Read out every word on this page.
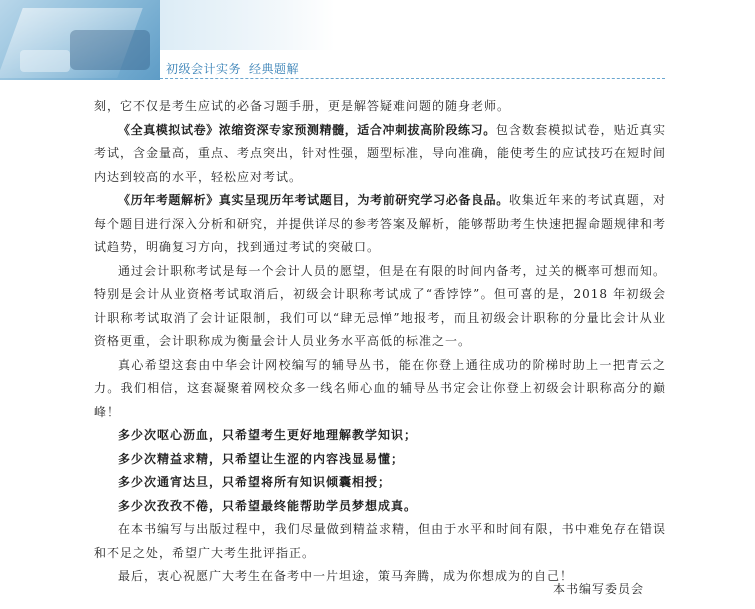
初级会计实务 经典题解

刻，它不仅是考生应试的必备习题手册，更是解答疑难问题的随身老师。

《全真模拟试卷》浓缩资深专家预测精髓，适合冲刺拔高阶段练习。包含数套模拟试卷，贴近真实考试，含金量高，重点、考点突出，针对性强，题型标准，导向准确，能使考生的应试技巧在短时间内达到较高的水平，轻松应对考试。

《历年考题解析》真实呈现历年考试题目，为考前研究学习必备良品。收集近年来的考试真题，对每个题目进行深入分析和研究，并提供详尽的参考答案及解析，能够帮助考生快速把握命题规律和考试趋势，明确复习方向，找到通过考试的突破口。

通过会计职称考试是每一个会计人员的愿望，但是在有限的时间内备考，过关的概率可想而知。特别是会计从业资格考试取消后，初级会计职称考试成了“香饽饽”。但可喜的是，2018 年初级会计职称考试取消了会计证限制，我们可以“肆无忌惮”地报考，而且初级会计职称的分量比会计从业资格更重，会计职称成为衡量会计人员业务水平高低的标准之一。

真心希望这套由中华会计网校编写的辅导丛书，能在你登上通往成功的阶梯时助上一把青云之力。我们相信，这套凝聚着网校众多一线名师心血的辅导丛书定会让你登上初级会计职称高分的巅峰！

多少次呕心沥血，只希望考生更好地理解教学知识；

多少次精益求精，只希望让生涩的内容浅显易懂；

多少次通宵达旦，只希望将所有知识倾囊相授；

多少次孜孜不倦，只希望最终能帮助学员梦想成真。

在本书编写与出版过程中，我们尽量做到精益求精，但由于水平和时间有限，书中难免存在错误和不足之处，希望广大考生批评指正。

最后，衷心祝愿广大考生在备考中一片坦途，策马奔腾，成为你想成为的自己！

本书编写委员会
